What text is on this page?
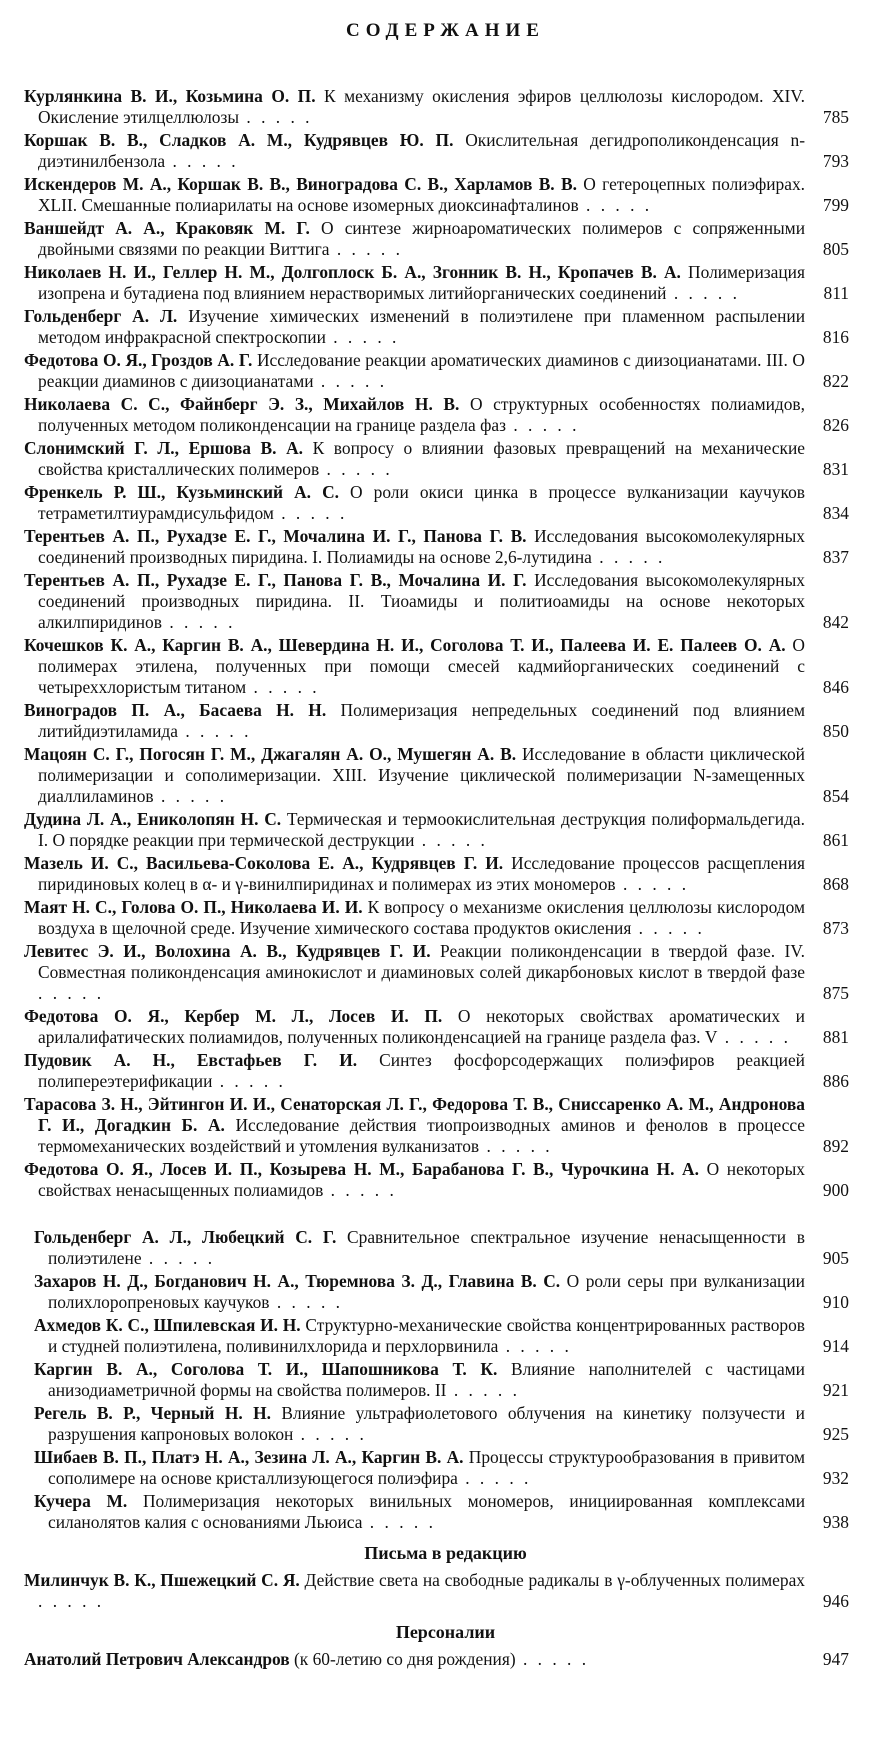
СОДЕРЖАНИЕ
Курлянкина В. И., Козьмина О. П. К механизму окисления эфиров целлюлозы кислородом. XIV. Окисление этилцеллюлозы . . . . .	785
Коршак В. В., Сладков А. М., Кудрявцев Ю. П. Окислительная дегидрополиконденсация n-диэтинилбензола . . . . .	793
Искендеров М. А., Коршак В. В., Виноградова С. В., Харламов В. В. О гетероцепных полиэфирах. XLII. Смешанные полиарилаты на основе изомерных диоксинафталинов . . . . .	799
Ваншейдт А. А., Краковяк М. Г. О синтезе жирноароматических полимеров с сопряженными двойными связями по реакции Виттига . . . . .	805
Николаев Н. И., Геллер Н. М., Долгоплоск Б. А., Згонник В. Н., Кропачев В. А. Полимеризация изопрена и бутадиена под влиянием нерастворимых литийорганических соединений . . . . .	811
Гольденберг А. Л. Изучение химических изменений в полиэтилене при пламенном распылении методом инфракрасной спектроскопии . . . . .	816
Федотова О. Я., Гроздов А. Г. Исследование реакции ароматических диаминов с диизоцианатами. III. О реакции диаминов с диизоцианатами . . . . .	822
Николаева С. С., Файнберг Э. З., Михайлов Н. В. О структурных особенностях полиамидов, полученных методом поликонденсации на границе раздела фаз . . . . .	826
Слонимский Г. Л., Ершова В. А. К вопросу о влиянии фазовых превращений на механические свойства кристаллических полимеров . . . . .	831
Френкель Р. Ш., Кузьминский А. С. О роли окиси цинка в процессе вулканизации каучуков тетраметилтиурамдисульфидом . . . . .	834
Терентьев А. П., Рухадзе Е. Г., Мочалина И. Г., Панова Г. В. Исследования высокомолекулярных соединений производных пиридина. I. Полиамиды на основе 2,6-лутидина . . . . .	837
Терентьев А. П., Рухадзе Е. Г., Панова Г. В., Мочалина И. Г. Исследования высокомолекулярных соединений производных пиридина. II. Тиоамиды и политиоамиды на основе некоторых алкилпиридинов . . . . .	842
Кочешков К. А., Каргин В. А., Шевердина Н. И., Соголова Т. И., Палеева И. Е. Палеев О. А. О полимерах этилена, полученных при помощи смесей кадмийорганических соединений с четыреххлористым титаном . . . . .	846
Виноградов П. А., Басаева Н. Н. Полимеризация непредельных соединений под влиянием литийдиэтиламида . . . . .	850
Мацоян С. Г., Погосян Г. М., Джагалян А. О., Мушегян А. В. Исследование в области циклической полимеризации и сополимеризации. XIII. Изучение циклической полимеризации N-замещенных диаллиламинов . . . . .	854
Дудина Л. А., Ениколопян Н. С. Термическая и термоокислительная деструкция полиформальдегида. I. О порядке реакции при термической деструкции . . . . .	861
Мазель И. С., Васильева-Соколова Е. А., Кудрявцев Г. И. Исследование процессов расщепления пиридиновых колец в α- и γ-винилпиридинах и полимерах из этих мономеров . . . . .	868
Маят Н. С., Голова О. П., Николаева И. И. К вопросу о механизме окисления целлюлозы кислородом воздуха в щелочной среде. Изучение химического состава продуктов окисления . . . . .	873
Левитес Э. И., Волохина А. В., Кудрявцев Г. И. Реакции поликонденсации в твердой фазе. IV. Совместная поликонденсация аминокислот и диаминовых солей дикарбоновых кислот в твердой фазе . . . . .	875
Федотова О. Я., Кербер М. Л., Лосев И. П. О некоторых свойствах ароматических и арилалифатических полиамидов, полученных поликонденсацией на границе раздела фаз. V . . . . .	881
Пудовик А. Н., Евстафьев Г. И. Синтез фосфорсодержащих полиэфиров реакцией полипереэтерификации . . . . .	886
Тарасова З. Н., Эйтингон И. И., Сенаторская Л. Г., Федорова Т. В., Сниссаренко А. М., Андронова Г. И., Догадкин Б. А. Исследование действия тиопроизводных аминов и фенолов в процессе термомеханических воздействий и утомления вулканизатов . . . . .	892
Федотова О. Я., Лосев И. П., Козырева Н. М., Барабанова Г. В., Чурочкина Н. А. О некоторых свойствах ненасыщенных полиамидов . . . . .	900
Гольденберг А. Л., Любецкий С. Г. Сравнительное спектральное изучение ненасыщенности в полиэтилене . . . . .	905
Захаров Н. Д., Богданович Н. А., Тюремнова З. Д., Главина В. С. О роли серы при вулканизации полихлоропреновых каучуков . . . . .	910
Ахмедов К. С., Шпилевская И. Н. Структурно-механические свойства концентрированных растворов и студней полиэтилена, поливинилхлорида и перхлорвинила . . . . .	914
Каргин В. А., Соголова Т. И., Шапошникова Т. К. Влияние наполнителей с частицами анизодиаметричной формы на свойства полимеров. II . . . . .	921
Регель В. Р., Черный Н. Н. Влияние ультрафиолетового облучения на кинетику ползучести и разрушения капроновых волокон . . . . .	925
Шибаев В. П., Платэ Н. А., Зезина Л. А., Каргин В. А. Процессы структурообразования в привитом сополимере на основе кристаллизующегося полиэфира . . . . .	932
Кучера М. Полимеризация некоторых винильных мономеров, инициированная комплексами силанолятов калия с основаниями Льюиса . . . . .	938
Письма в редакцию
Милинчук В. К., Пшежецкий С. Я. Действие света на свободные радикалы в γ-облученных полимерах . . . . .	946
Персоналии
Анатолий Петрович Александров (к 60-летию со дня рождения) . . . . .	947
